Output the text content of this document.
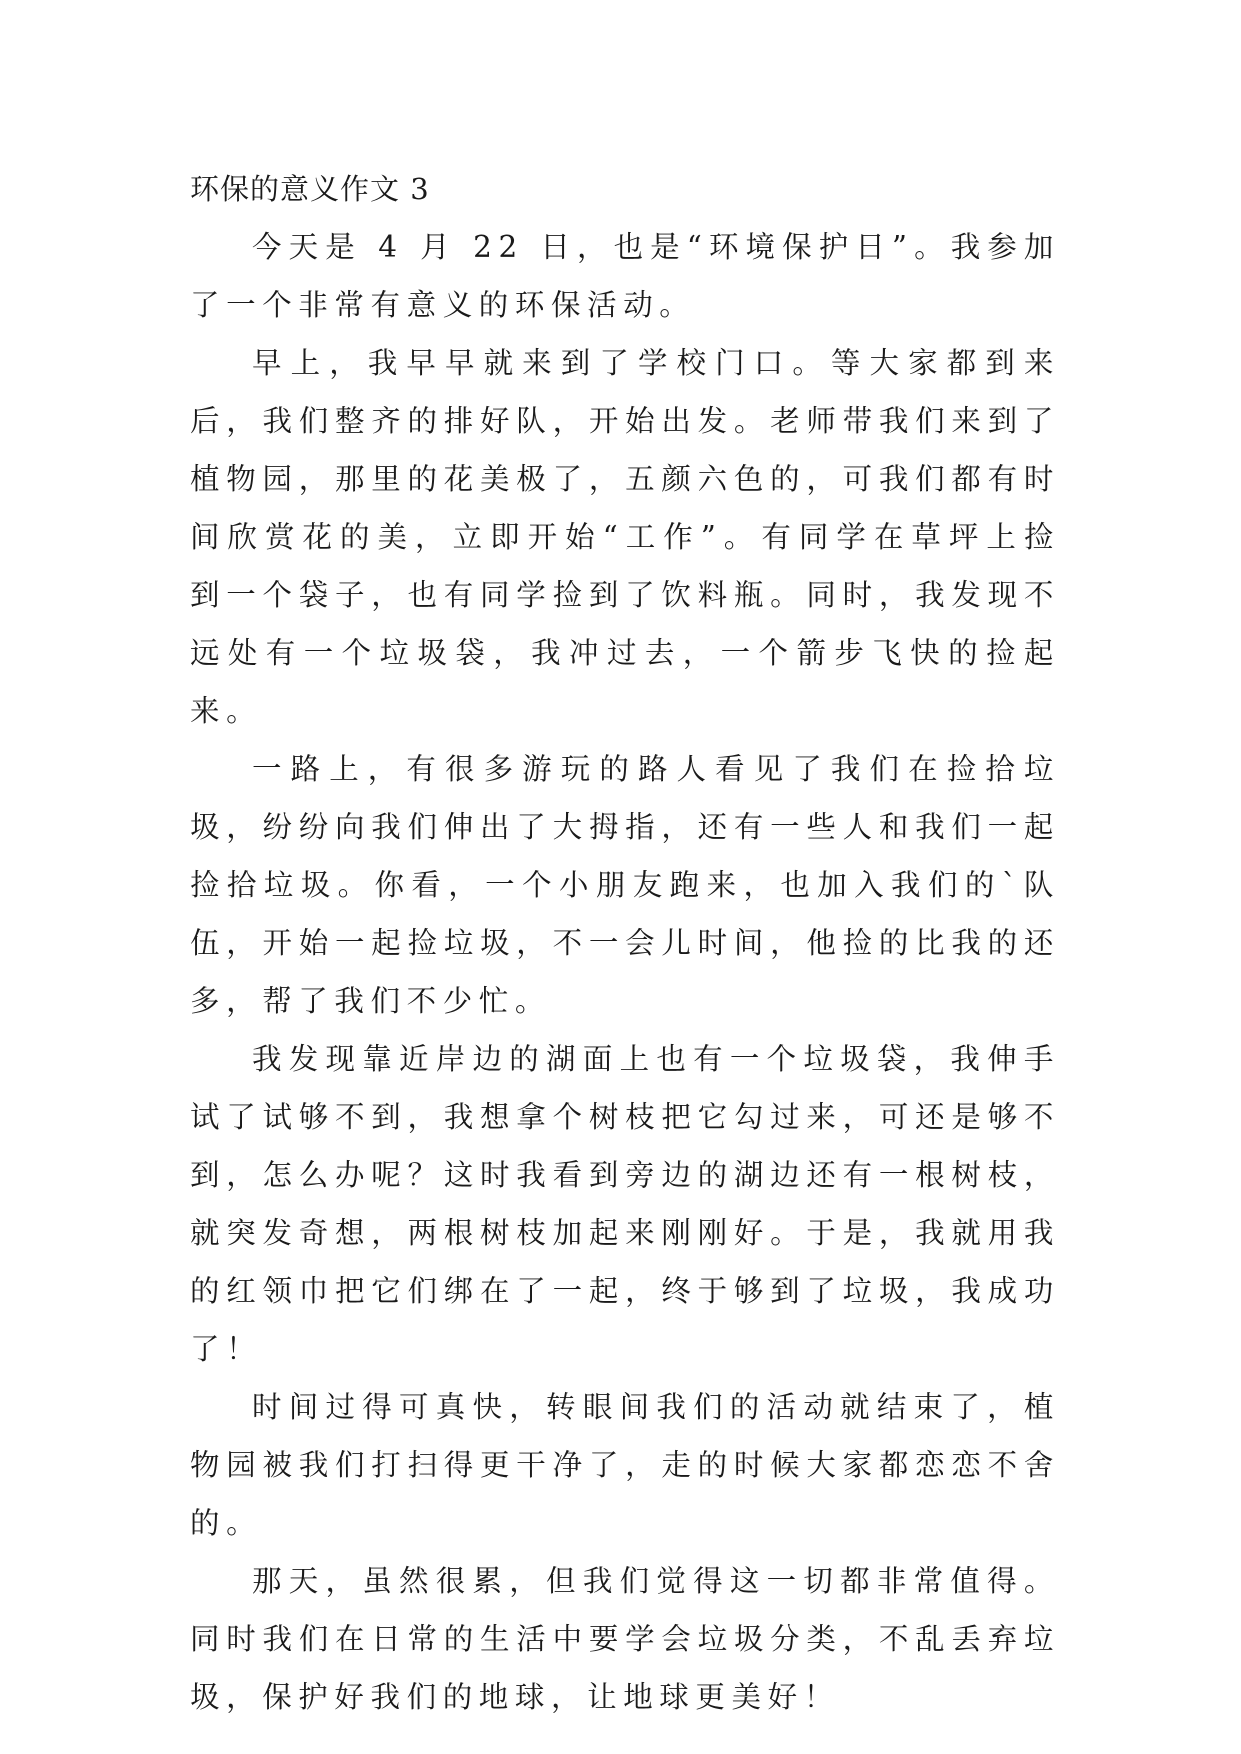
环保的意义作文 3

今天是 4 月 22 日，也是“环境保护日”。我参加了一个非常有意义的环保活动。

早上，我早早就来到了学校门口。等大家都到来后，我们整齐的排好队，开始出发。老师带我们来到了植物园，那里的花美极了，五颜六色的，可我们都有时间欣赏花的美，立即开始“工作”。有同学在草坪上捡到一个袋子，也有同学捡到了饮料瓶。同时，我发现不远处有一个垃圾袋，我冲过去，一个箭步飞快的捡起来。

一路上，有很多游玩的路人看见了我们在捡拾垃圾，纷纷向我们伸出了大拇指，还有一些人和我们一起捡拾垃圾。你看，一个小朋友跑来，也加入我们的`队伍，开始一起捡垃圾，不一会儿时间，他捡的比我的还多，帮了我们不少忙。

我发现靠近岸边的湖面上也有一个垃圾袋，我伸手试了试够不到，我想拿个树枝把它勾过来，可还是够不到，怎么办呢？这时我看到旁边的湖边还有一根树枝，就突发奇想，两根树枝加起来刚刚好。于是，我就用我的红领巾把它们绑在了一起，终于够到了垃圾，我成功了！

时间过得可真快，转眼间我们的活动就结束了，植物园被我们打扫得更干净了，走的时候大家都恋恋不舍的。

那天，虽然很累，但我们觉得这一切都非常值得。同时我们在日常的生活中要学会垃圾分类，不乱丢弃垃圾，保护好我们的地球，让地球更美好！
